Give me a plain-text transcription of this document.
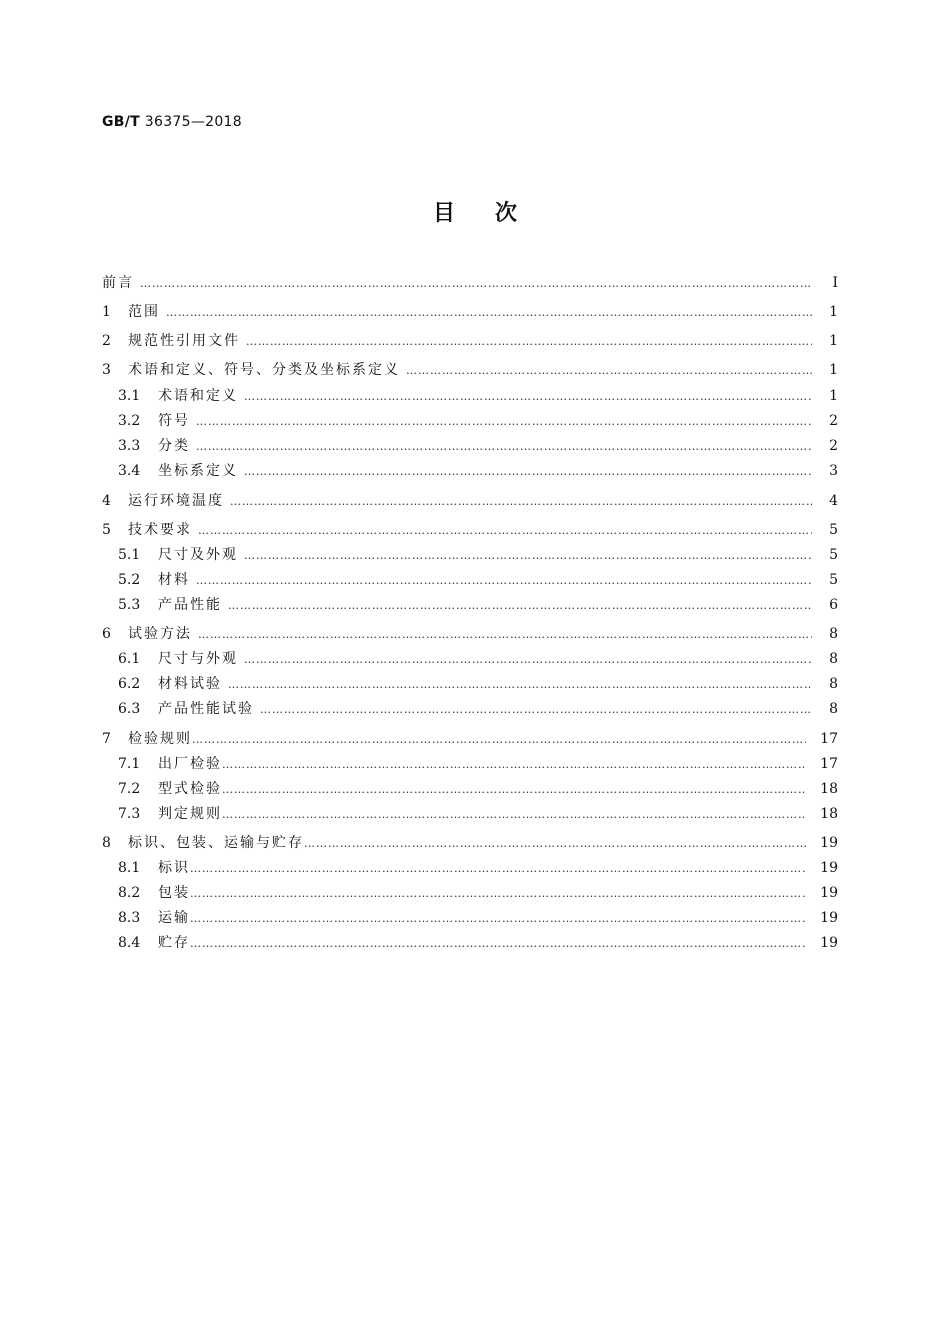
GB/T 36375—2018
目次
前言 …………………………………………………………………………………………………………………………………………………………………………………………………………………………………………	Ⅰ
1	范围 …………………………………………………………………………………………………………………………………………………………………………………………………………………………………………	1
2	规范性引用文件 …………………………………………………………………………………………………………………………………………………………………………………………………………………………………………	1
3	术语和定义、符号、分类及坐标系定义 …………………………………………………………………………………………………………………………………………………………………………………………………………………………………………	1
3.1	术语和定义 …………………………………………………………………………………………………………………………………………………………………………………………………………………………………………	1
3.2	符号 …………………………………………………………………………………………………………………………………………………………………………………………………………………………………………	2
3.3	分类 …………………………………………………………………………………………………………………………………………………………………………………………………………………………………………	2
3.4	坐标系定义 …………………………………………………………………………………………………………………………………………………………………………………………………………………………………………	3
4	运行环境温度 …………………………………………………………………………………………………………………………………………………………………………………………………………………………………………	4
5	技术要求 …………………………………………………………………………………………………………………………………………………………………………………………………………………………………………	5
5.1	尺寸及外观 …………………………………………………………………………………………………………………………………………………………………………………………………………………………………………	5
5.2	材料 …………………………………………………………………………………………………………………………………………………………………………………………………………………………………………	5
5.3	产品性能 …………………………………………………………………………………………………………………………………………………………………………………………………………………………………………	6
6	试验方法 …………………………………………………………………………………………………………………………………………………………………………………………………………………………………………	8
6.1	尺寸与外观 …………………………………………………………………………………………………………………………………………………………………………………………………………………………………………	8
6.2	材料试验 …………………………………………………………………………………………………………………………………………………………………………………………………………………………………………	8
6.3	产品性能试验 …………………………………………………………………………………………………………………………………………………………………………………………………………………………………………	8
7	检验规则 …………………………………………………………………………………………………………………………………………………………………………………………………………………………………………	17
7.1	出厂检验 …………………………………………………………………………………………………………………………………………………………………………………………………………………………………………	17
7.2	型式检验 …………………………………………………………………………………………………………………………………………………………………………………………………………………………………………	18
7.3	判定规则 …………………………………………………………………………………………………………………………………………………………………………………………………………………………………………	18
8	标识、包装、运输与贮存 …………………………………………………………………………………………………………………………………………………………………………………………………………………………………………	19
8.1	标识 …………………………………………………………………………………………………………………………………………………………………………………………………………………………………………	19
8.2	包装 …………………………………………………………………………………………………………………………………………………………………………………………………………………………………………	19
8.3	运输 …………………………………………………………………………………………………………………………………………………………………………………………………………………………………………	19
8.4	贮存 …………………………………………………………………………………………………………………………………………………………………………………………………………………………………………	19
